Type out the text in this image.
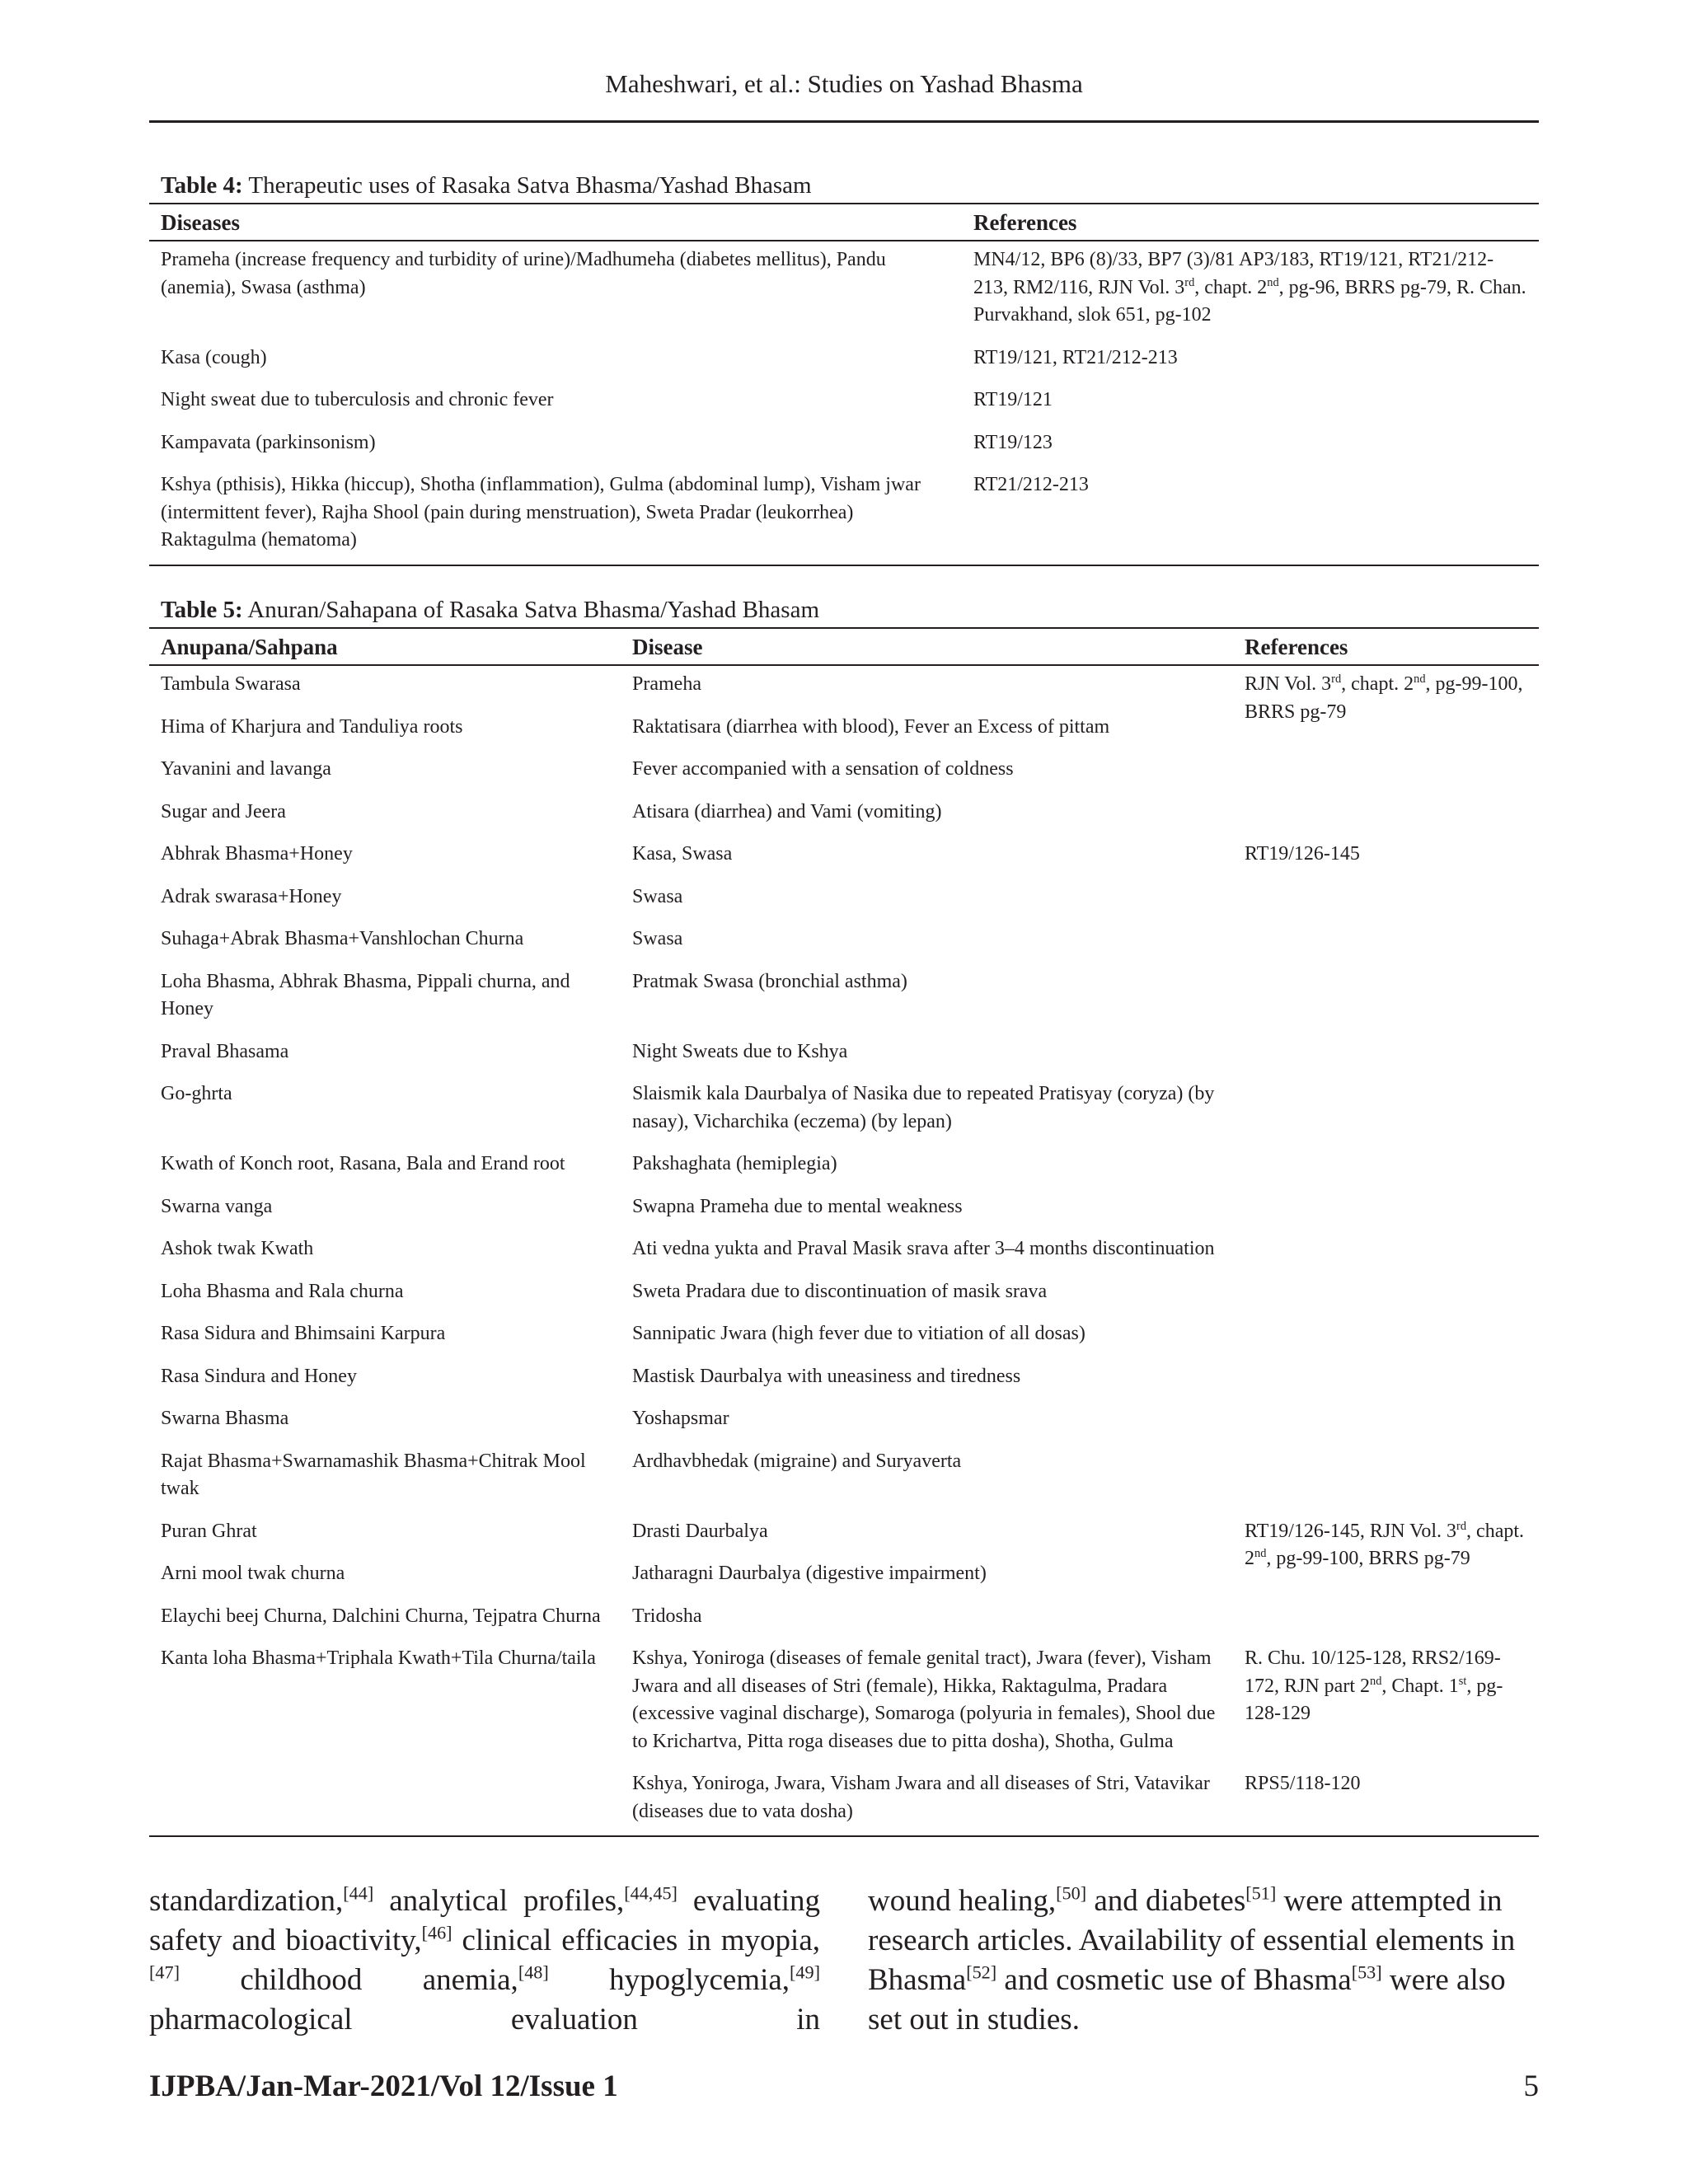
Maheshwari, et al.: Studies on Yashad Bhasma
Table 4: Therapeutic uses of Rasaka Satva Bhasma/Yashad Bhasam
Diseases	References
Prameha (increase frequency and turbidity of urine)/Madhumeha (diabetes mellitus), Pandu (anemia), Swasa (asthma)	MN4/12, BP6 (8)/33, BP7 (3)/81 AP3/183, RT19/121, RT21/212-213, RM2/116, RJN Vol. 3rd, chapt. 2nd, pg-96, BRRS pg-79, R. Chan. Purvakhand, slok 651, pg-102
Kasa (cough)	RT19/121, RT21/212-213
Night sweat due to tuberculosis and chronic fever	RT19/121
Kampavata (parkinsonism)	RT19/123
Kshya (pthisis), Hikka (hiccup), Shotha (inflammation), Gulma (abdominal lump), Visham jwar (intermittent fever), Rajha Shool (pain during menstruation), Sweta Pradar (leukorrhea) Raktagulma (hematoma)	RT21/212-213
Table 5: Anuran/Sahapana of Rasaka Satva Bhasma/Yashad Bhasam
Anupana/Sahpana	Disease	References
Tambula Swarasa	Prameha	RJN Vol. 3rd, chapt. 2nd, pg-99-100, BRRS pg-79
Hima of Kharjura and Tanduliya roots	Raktatisara (diarrhea with blood), Fever an Excess of pittam	
Yavanini and lavanga	Fever accompanied with a sensation of coldness	
Sugar and Jeera	Atisara (diarrhea) and Vami (vomiting)	
Abhrak Bhasma+Honey	Kasa, Swasa	RT19/126-145
Adrak swarasa+Honey	Swasa	
Suhaga+Abrak Bhasma+Vanshlochan Churna	Swasa	
Loha Bhasma, Abhrak Bhasma, Pippali churna, and Honey	Pratmak Swasa (bronchial asthma)	
Praval Bhasama	Night Sweats due to Kshya	
Go-ghrta	Slaismik kala Daurbalya of Nasika due to repeated Pratisyay (coryza) (by nasay), Vicharchika (eczema) (by lepan)	
Kwath of Konch root, Rasana, Bala and Erand root	Pakshaghata (hemiplegia)	
Swarna vanga	Swapna Prameha due to mental weakness	
Ashok twak Kwath	Ati vedna yukta and Praval Masik srava after 3–4 months discontinuation	
Loha Bhasma and Rala churna	Sweta Pradara due to discontinuation of masik srava	
Rasa Sidura and Bhimsaini Karpura	Sannipatic Jwara (high fever due to vitiation of all dosas)	
Rasa Sindura and Honey	Mastisk Daurbalya with uneasiness and tiredness	
Swarna Bhasma	Yoshapsmar	
Rajat Bhasma+Swarnamashik Bhasma+Chitrak Mool twak	Ardhavbhedak (migraine) and Suryaverta	
Puran Ghrat	Drasti Daurbalya	RT19/126-145, RJN Vol. 3rd, chapt. 2nd, pg-99-100, BRRS pg-79
Arni mool twak churna	Jatharagni Daurbalya (digestive impairment)	
Elaychi beej Churna, Dalchini Churna, Tejpatra Churna	Tridosha	
Kanta loha Bhasma+Triphala Kwath+Tila Churna/taila	Kshya, Yoniroga (diseases of female genital tract), Jwara (fever), Visham Jwara and all diseases of Stri (female), Hikka, Raktagulma, Pradara (excessive vaginal discharge), Somaroga (polyuria in females), Shool due to Krichartva, Pitta roga diseases due to pitta dosha), Shotha, Gulma	R. Chu. 10/125-128, RRS2/169-172, RJN part 2nd, Chapt. 1st, pg-128-129
	Kshya, Yoniroga, Jwara, Visham Jwara and all diseases of Stri, Vatavikar (diseases due to vata dosha)	RPS5/118-120
standardization,[44] analytical profiles,[44,45] evaluating safety and bioactivity,[46] clinical efficacies in myopia,[47] childhood anemia,[48] hypoglycemia,[49] pharmacological evaluation in
wound healing,[50] and diabetes[51] were attempted in research articles. Availability of essential elements in Bhasma[52] and cosmetic use of Bhasma[53] were also set out in studies.
IJPBA/Jan-Mar-2021/Vol 12/Issue 1	5
